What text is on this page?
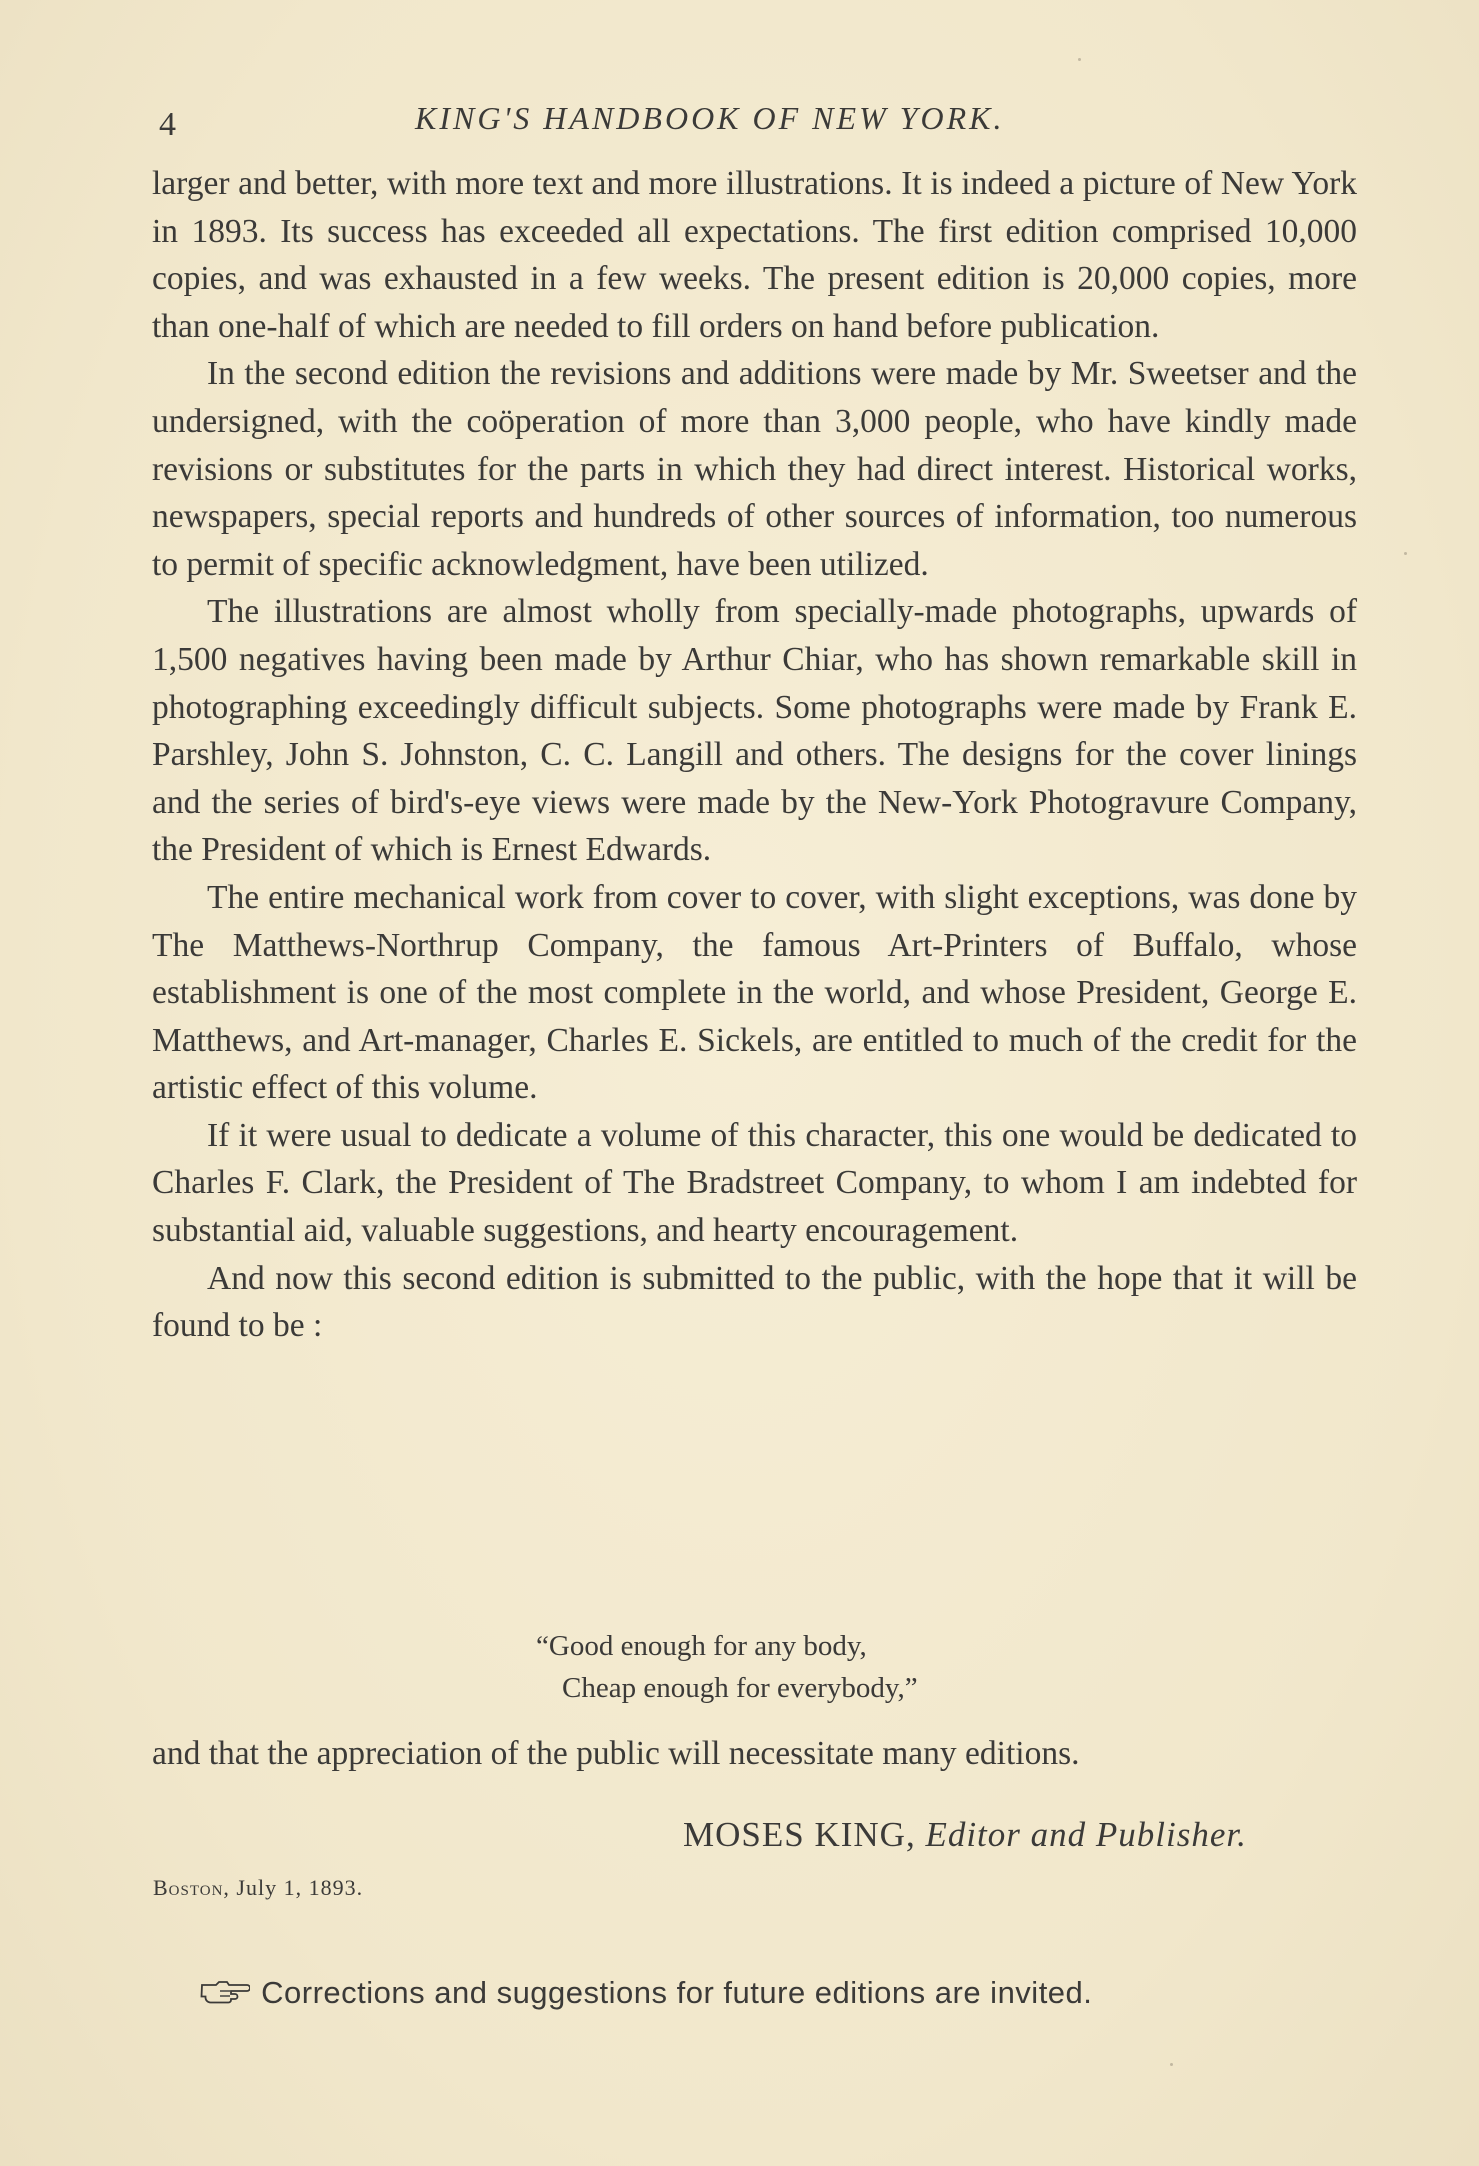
4	KING'S HANDBOOK OF NEW YORK.

larger and better, with more text and more illustrations. It is indeed a picture of New York in 1893. Its success has exceeded all expectations. The first edition comprised 10,000 copies, and was exhausted in a few weeks. The present edition is 20,000 copies, more than one-half of which are needed to fill orders on hand before publication.

In the second edition the revisions and additions were made by Mr. Sweetser and the undersigned, with the coöperation of more than 3,000 people, who have kindly made revisions or substitutes for the parts in which they had direct interest. Historical works, newspapers, special reports and hundreds of other sources of information, too numerous to permit of specific acknowledgment, have been utilized.

The illustrations are almost wholly from specially-made photographs, upwards of 1,500 negatives having been made by Arthur Chiar, who has shown remarkable skill in photographing exceedingly difficult subjects. Some photographs were made by Frank E. Parshley, John S. Johnston, C. C. Langill and others. The designs for the cover linings and the series of bird's-eye views were made by the New-York Photogravure Company, the President of which is Ernest Edwards.

The entire mechanical work from cover to cover, with slight exceptions, was done by The Matthews-Northrup Company, the famous Art-Printers of Buffalo, whose establishment is one of the most complete in the world, and whose President, George E. Matthews, and Art-manager, Charles E. Sickels, are entitled to much of the credit for the artistic effect of this volume.

If it were usual to dedicate a volume of this character, this one would be dedicated to Charles F. Clark, the President of The Bradstreet Company, to whom I am indebted for substantial aid, valuable suggestions, and hearty encouragement.

And now this second edition is submitted to the public, with the hope that it will be found to be :

“Good enough for any body,
Cheap enough for everybody,”
and that the appreciation of the public will necessitate many editions.
MOSES KING, Editor and Publisher.
Boston, July 1, 1893.
Corrections and suggestions for future editions are invited.
